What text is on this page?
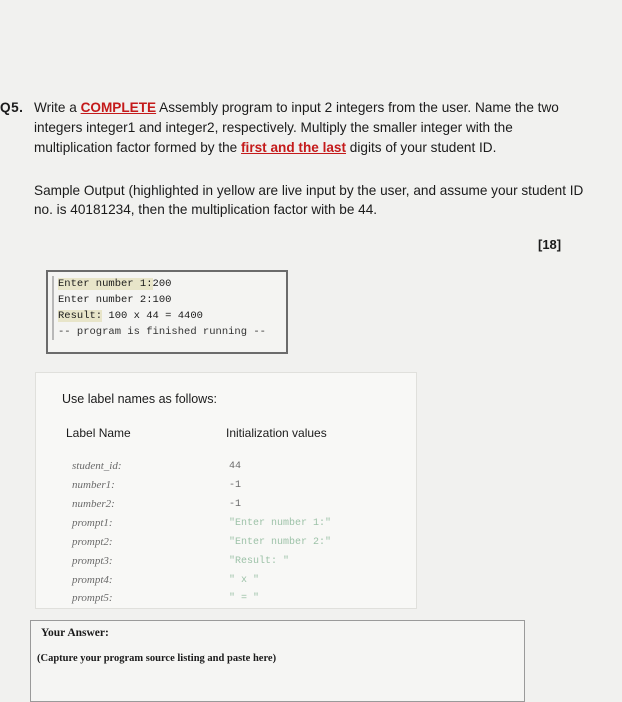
Q5. Write a COMPLETE Assembly program to input 2 integers from the user. Name the two
integers integer1 and integer2, respectively. Multiply the smaller integer with the
multiplication factor formed by the first and the last digits of your student ID.
Sample Output (highlighted in yellow are live input by the user, and assume your student ID
no. is 40181234, then the multiplication factor with be 44.
[18]
Enter number 1:200
Enter number 2:100
Result: 100 x 44 = 4400
-- program is finished running --
Use label names as follows:
Label Name	Initialization values
student_id:	44
number1:	-1
number2:	-1
prompt1:	"Enter number 1:"
prompt2:	"Enter number 2:"
prompt3:	"Result: "
prompt4:	" x "
prompt5:	" = "
Your Answer:
(Capture your program source listing and paste here)
